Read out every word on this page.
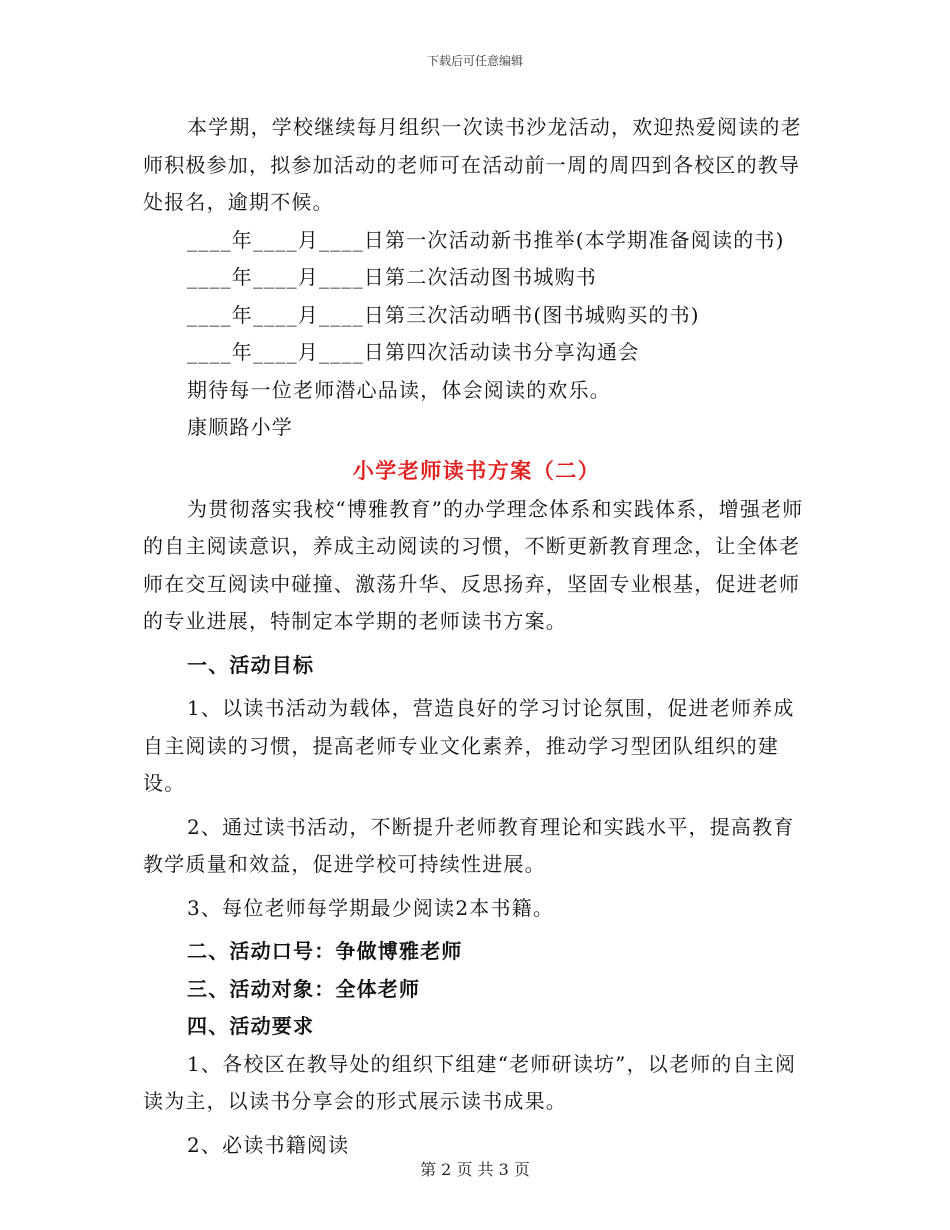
下载后可任意编辑

本学期，学校继续每月组织一次读书沙龙活动，欢迎热爱阅读的老师积极参加，拟参加活动的老师可在活动前一周的周四到各校区的教导处报名，逾期不候。

____年____月____日第一次活动新书推举(本学期准备阅读的书)

____年____月____日第二次活动图书城购书

____年____月____日第三次活动晒书(图书城购买的书)

____年____月____日第四次活动读书分享沟通会

期待每一位老师潜心品读，体会阅读的欢乐。

康顺路小学

小学老师读书方案（二）

为贯彻落实我校“博雅教育”的办学理念体系和实践体系，增强老师的自主阅读意识，养成主动阅读的习惯，不断更新教育理念，让全体老师在交互阅读中碰撞、激荡升华、反思扬弃，坚固专业根基，促进老师的专业进展，特制定本学期的老师读书方案。

一、活动目标

1、以读书活动为载体，营造良好的学习讨论氛围，促进老师养成自主阅读的习惯，提高老师专业文化素养，推动学习型团队组织的建设。

2、通过读书活动，不断提升老师教育理论和实践水平，提高教育教学质量和效益，促进学校可持续性进展。

3、每位老师每学期最少阅读2本书籍。

二、活动口号：争做博雅老师

三、活动对象：全体老师

四、活动要求

1、各校区在教导处的组织下组建“老师研读坊”，以老师的自主阅读为主，以读书分享会的形式展示读书成果。

2、必读书籍阅读

第 2 页 共 3 页
